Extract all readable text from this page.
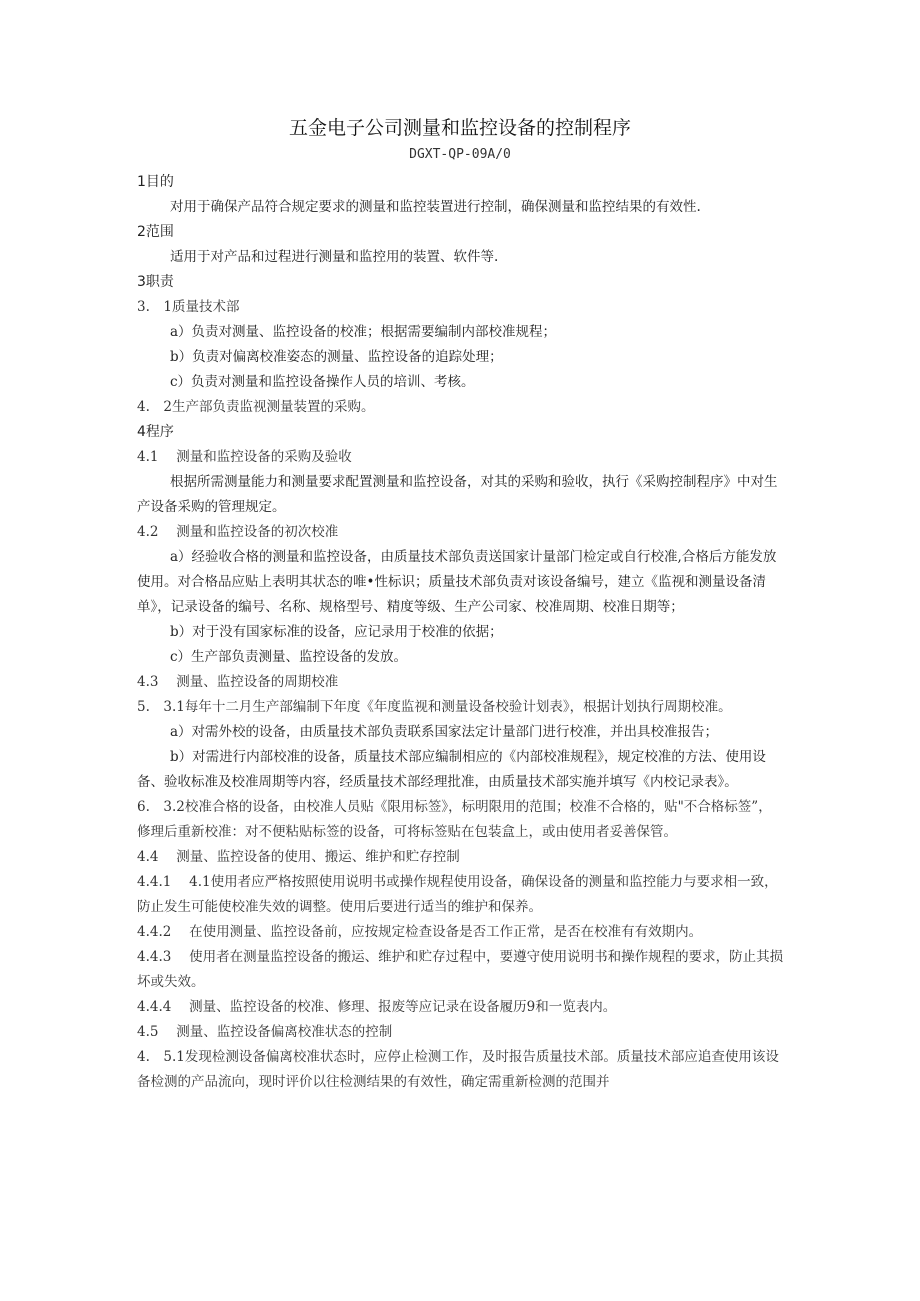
五金电子公司测量和监控设备的控制程序
DGXT-QP-09A/0

1目的

对用于确保产品符合规定要求的测量和监控装置进行控制，确保测量和监控结果的有效性.

2范围

适用于对产品和过程进行测量和监控用的装置、软件等.

3职责

3.　1质量技术部

a）负责对测量、监控设备的校准；根据需要编制内部校准规程；

b）负责对偏离校准姿态的测量、监控设备的追踪处理；

c）负责对测量和监控设备操作人员的培训、考核。

4.　2生产部负责监视测量装置的采购。

4程序

4.1　 测量和监控设备的采购及验收

根据所需测量能力和测量要求配置测量和监控设备，对其的采购和验收，执行《采购控制程序》中对生产设备采购的管理规定。

4.2　 测量和监控设备的初次校准

a）经验收合格的测量和监控设备，由质量技术部负责送国家计量部门检定或自行校准,合格后方能发放使用。对合格品应贴上表明其状态的唯•性标识；质量技术部负责对该设备编号，建立《监视和测量设备清单》，记录设备的编号、名称、规格型号、精度等级、生产公司家、校准周期、校准日期等；

b）对于没有国家标准的设备，应记录用于校准的依据；

c）生产部负责测量、监控设备的发放。

4.3　 测量、监控设备的周期校准

5.　3.1每年十二月生产部编制下年度《年度监视和测量设备校验计划表》，根据计划执行周期校准。

a）对需外校的设备，由质量技术部负责联系国家法定计量部门进行校准，并出具校准报告；

b）对需进行内部校准的设备，质量技术部应编制相应的《内部校准规程》，规定校准的方法、使用设备、验收标准及校准周期等内容，经质量技术部经理批准，由质量技术部实施并填写《内校记录表》。

6.　3.2校准合格的设备，由校准人员贴《限用标签》，标明限用的范围；校准不合格的，贴"不合格标签”，修理后重新校准：对不便粘贴标签的设备，可将标签贴在包装盒上，或由使用者妥善保管。

4.4　 测量、监控设备的使用、搬运、维护和贮存控制

4.4.1　 4.1使用者应严格按照使用说明书或操作规程使用设备，确保设备的测量和监控能力与要求相一致，防止发生可能使校准失效的调整。使用后要进行适当的维护和保养。

4.4.2　 在使用测量、监控设备前，应按规定检查设备是否工作正常，是否在校准有有效期内。

4.4.3　 使用者在测量监控设备的搬运、维护和贮存过程中，要遵守使用说明书和操作规程的要求，防止其损坏或失效。

4.4.4　 测量、监控设备的校准、修理、报废等应记录在设备履历9和一览表内。

4.5　 测量、监控设备偏离校准状态的控制

4.　5.1发现检测设备偏离校准状态时，应停止检测工作，及时报告质量技术部。质量技术部应追查使用该设备检测的产品流向，现时评价以往检测结果的有效性，确定需重新检测的范围并
